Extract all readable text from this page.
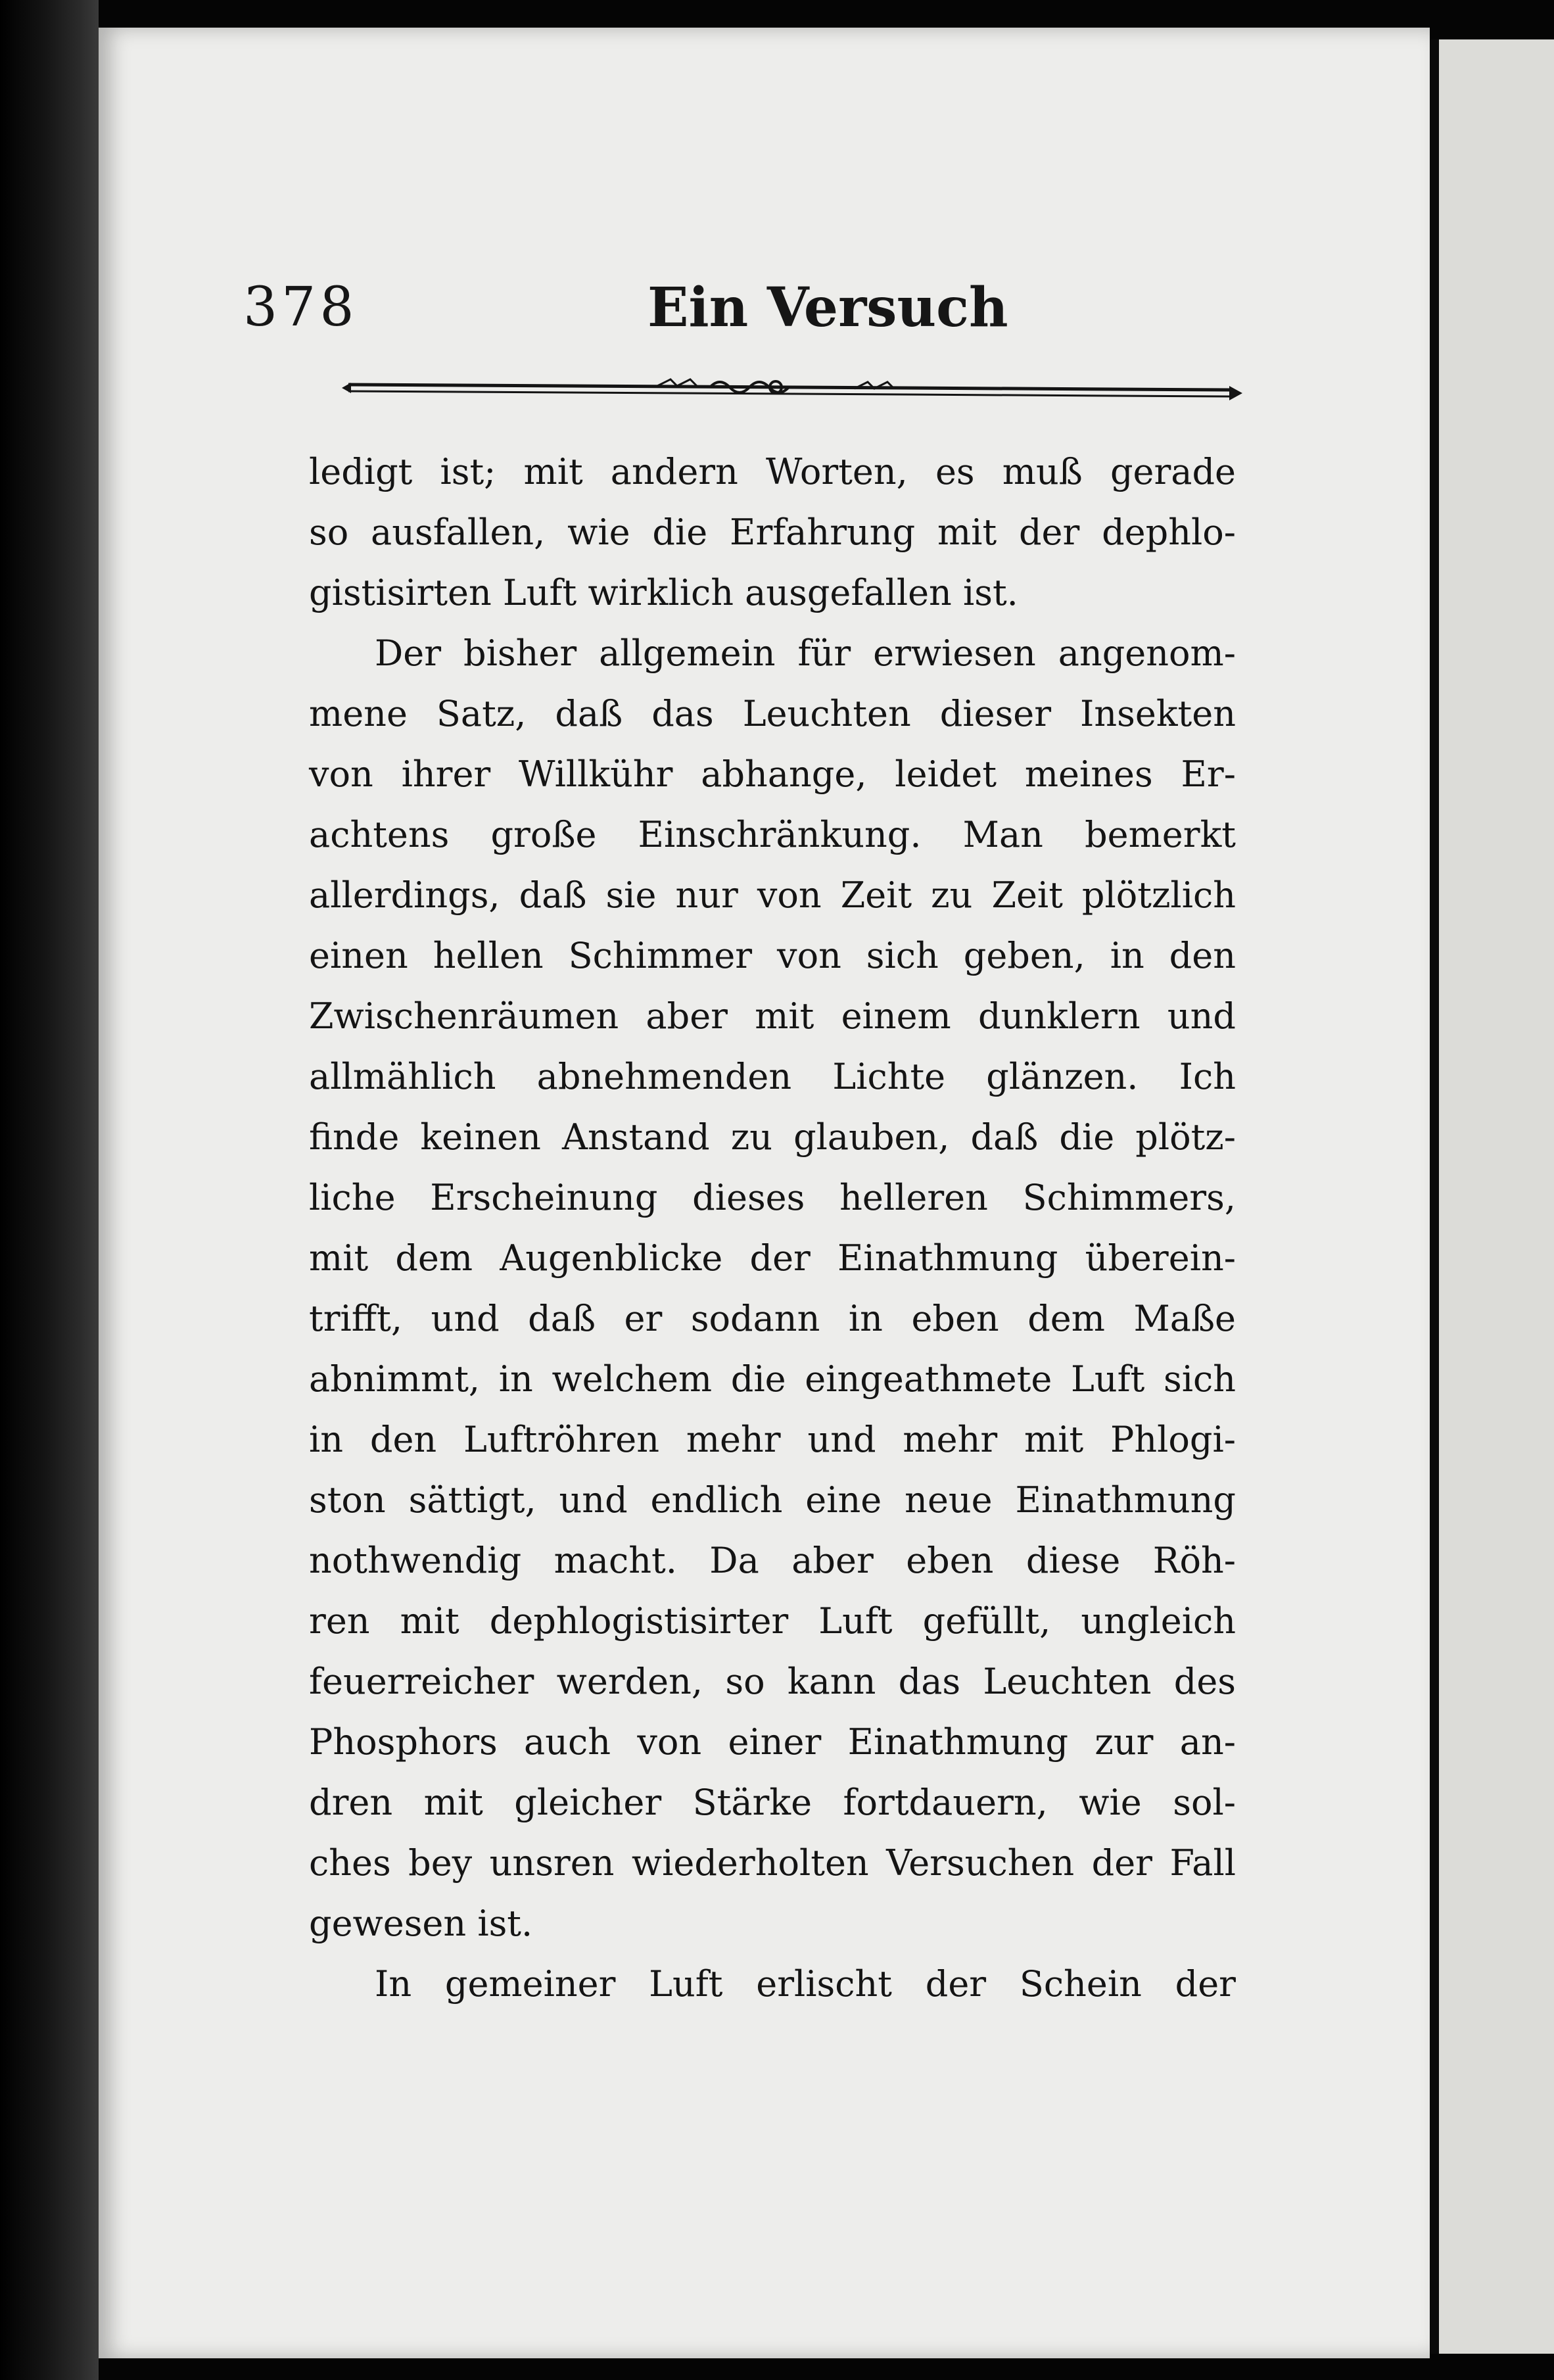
378	Ein Versuch
ledigt ist; mit andern Worten, es muß gerade
so ausfallen, wie die Erfahrung mit der dephlo-
gistisirten Luft wirklich ausgefallen ist.
Der bisher allgemein für erwiesen angenom-
mene Satz, daß das Leuchten dieser Insekten
von ihrer Willkühr abhange, leidet meines Er-
achtens große Einschränkung. Man bemerkt
allerdings, daß sie nur von Zeit zu Zeit plötzlich
einen hellen Schimmer von sich geben, in den
Zwischenräumen aber mit einem dunklern und
allmählich abnehmenden Lichte glänzen. Ich
finde keinen Anstand zu glauben, daß die plötz-
liche Erscheinung dieses helleren Schimmers,
mit dem Augenblicke der Einathmung überein-
trifft, und daß er sodann in eben dem Maße
abnimmt, in welchem die eingeathmete Luft sich
in den Luftröhren mehr und mehr mit Phlogi-
ston sättigt, und endlich eine neue Einathmung
nothwendig macht. Da aber eben diese Röh-
ren mit dephlogistisirter Luft gefüllt, ungleich
feuerreicher werden, so kann das Leuchten des
Phosphors auch von einer Einathmung zur an-
dren mit gleicher Stärke fortdauern, wie sol-
ches bey unsren wiederholten Versuchen der Fall
gewesen ist.
In gemeiner Luft erlischt der Schein der
